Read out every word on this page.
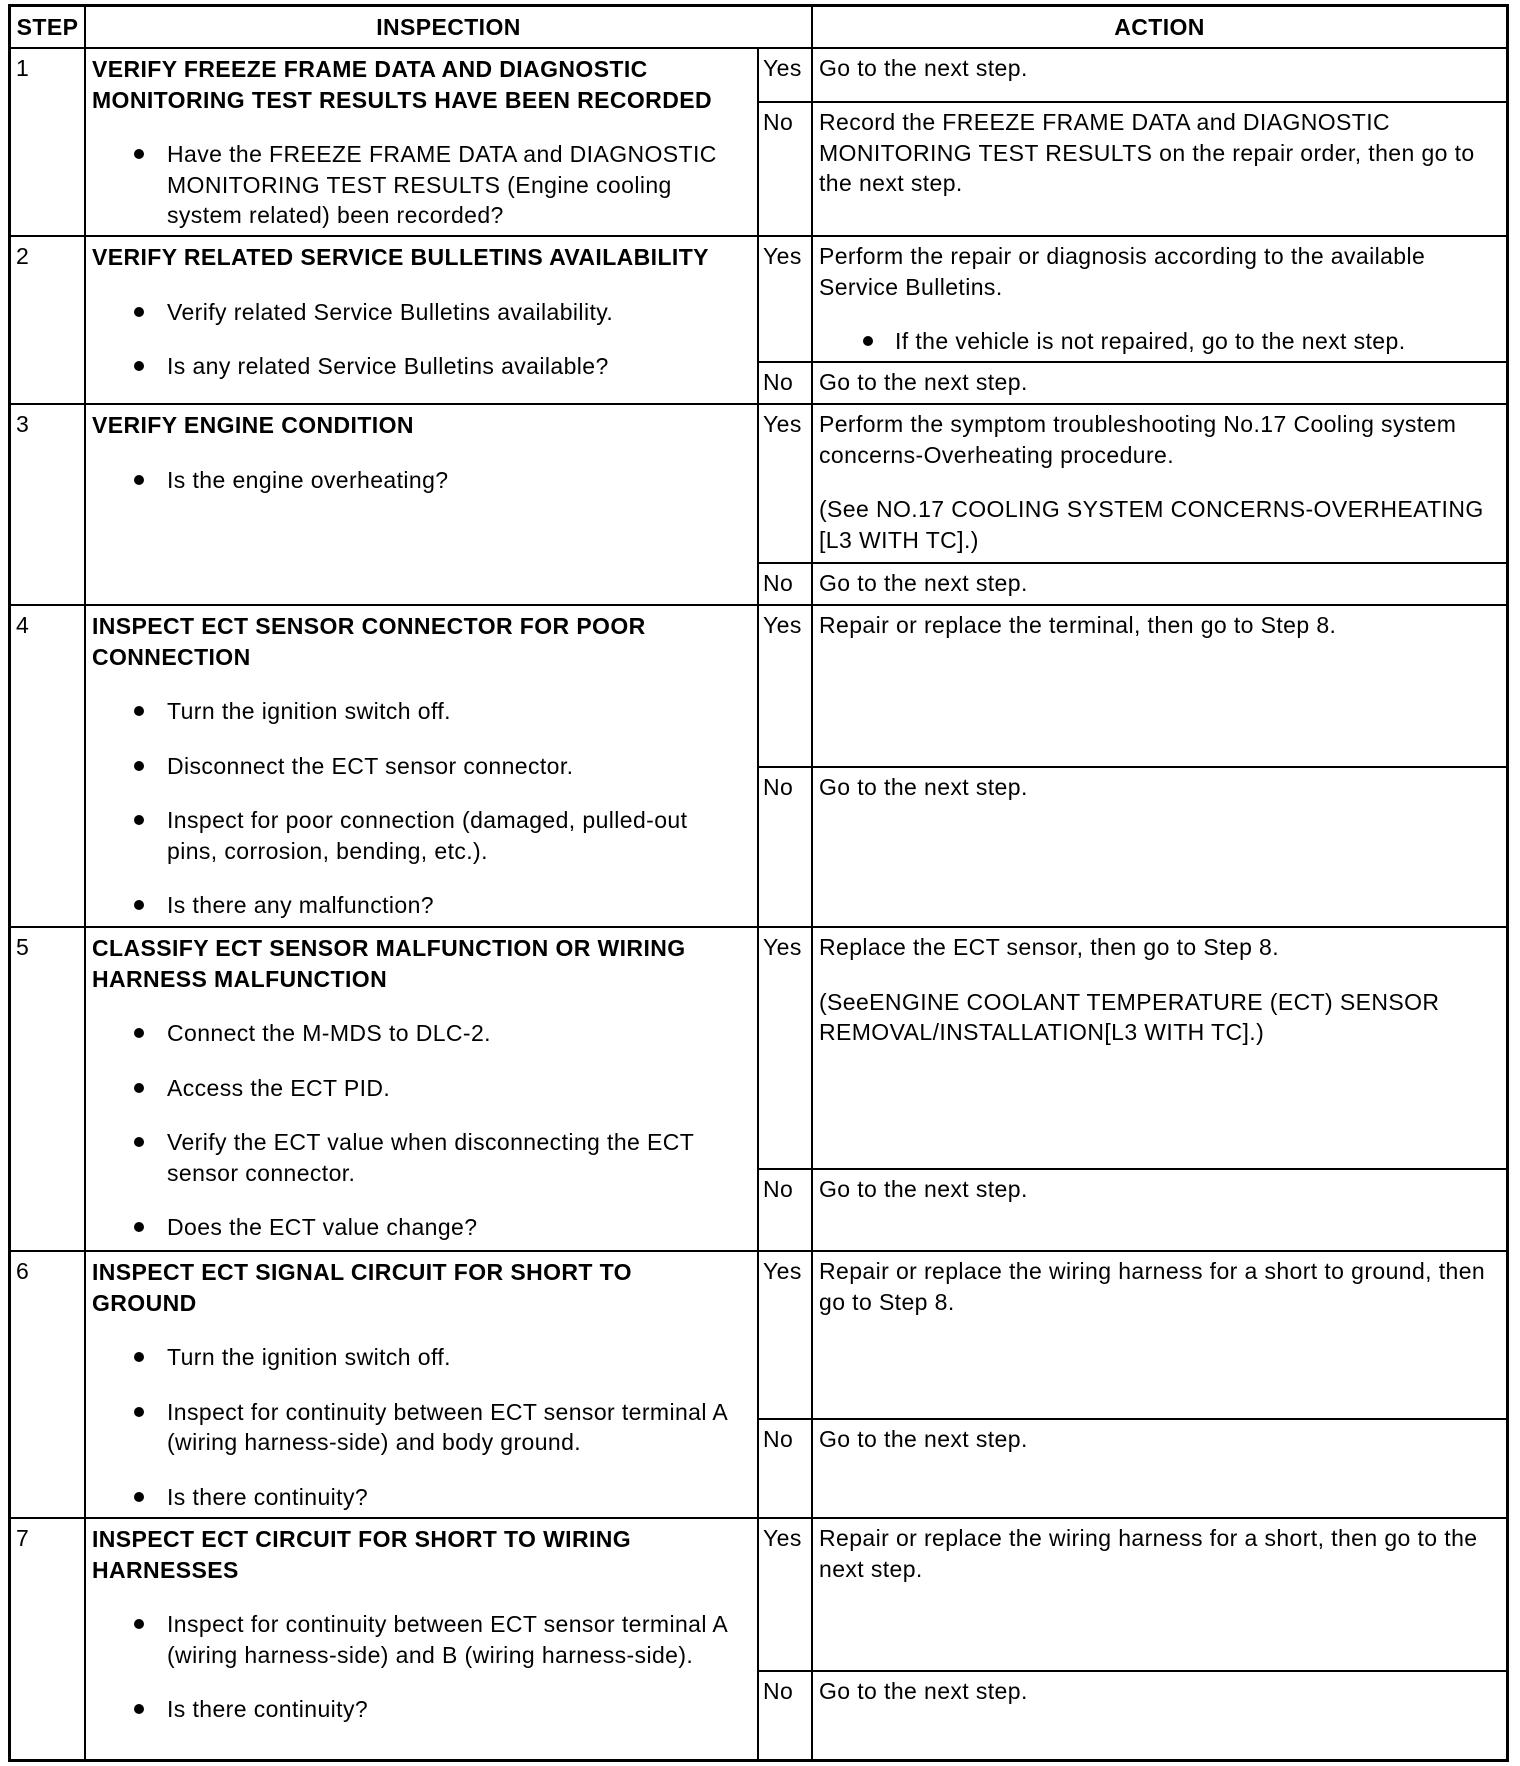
STEP	INSPECTION	ACTION
1	VERIFY FREEZE FRAME DATA AND DIAGNOSTIC MONITORING TEST RESULTS HAVE BEEN RECORDED
Have the FREEZE FRAME DATA and DIAGNOSTIC MONITORING TEST RESULTS (Engine cooling system related) been recorded?
Yes Go to the next step.

No	Record the FREEZE FRAME DATA and DIAGNOSTIC MONITORING TEST RESULTS on the repair order, then go to the next step.

2	VERIFY RELATED SERVICE BULLETINS AVAILABILITY
Verify related Service Bulletins availability.
Is any related Service Bulletins available?
Yes Perform the repair or diagnosis according to the available Service Bulletins.

If the vehicle is not repaired, go to the next step.
No	Go to the next step.

3	VERIFY ENGINE CONDITION
Is the engine overheating?
Yes Perform the symptom troubleshooting No.17 Cooling system concerns-Overheating procedure.

(See NO.17 COOLING SYSTEM CONCERNS-OVERHEATING [L3 WITH TC].)

No	Go to the next step.

4	INSPECT ECT SENSOR CONNECTOR FOR POOR CONNECTION
Turn the ignition switch off.
Disconnect the ECT sensor connector.
Inspect for poor connection (damaged, pulled-out pins, corrosion, bending, etc.).
Is there any malfunction?
Yes Repair or replace the terminal, then go to Step 8.

No	Go to the next step.

5	CLASSIFY ECT SENSOR MALFUNCTION OR WIRING HARNESS MALFUNCTION
Connect the M-MDS to DLC-2.
Access the ECT PID.
Verify the ECT value when disconnecting the ECT sensor connector.
Does the ECT value change?
Yes Replace the ECT sensor, then go to Step 8.

(SeeENGINE COOLANT TEMPERATURE (ECT) SENSOR REMOVAL/INSTALLATION[L3 WITH TC].)

No	Go to the next step.

6	INSPECT ECT SIGNAL CIRCUIT FOR SHORT TO GROUND
Turn the ignition switch off.
Inspect for continuity between ECT sensor terminal A (wiring harness-side) and body ground.
Is there continuity?
Yes Repair or replace the wiring harness for a short to ground, then go to Step 8.

No	Go to the next step.

7	INSPECT ECT CIRCUIT FOR SHORT TO WIRING HARNESSES
Inspect for continuity between ECT sensor terminal A (wiring harness-side) and B (wiring harness-side).
Is there continuity?
Yes Repair or replace the wiring harness for a short, then go to the next step.

No	Go to the next step.
